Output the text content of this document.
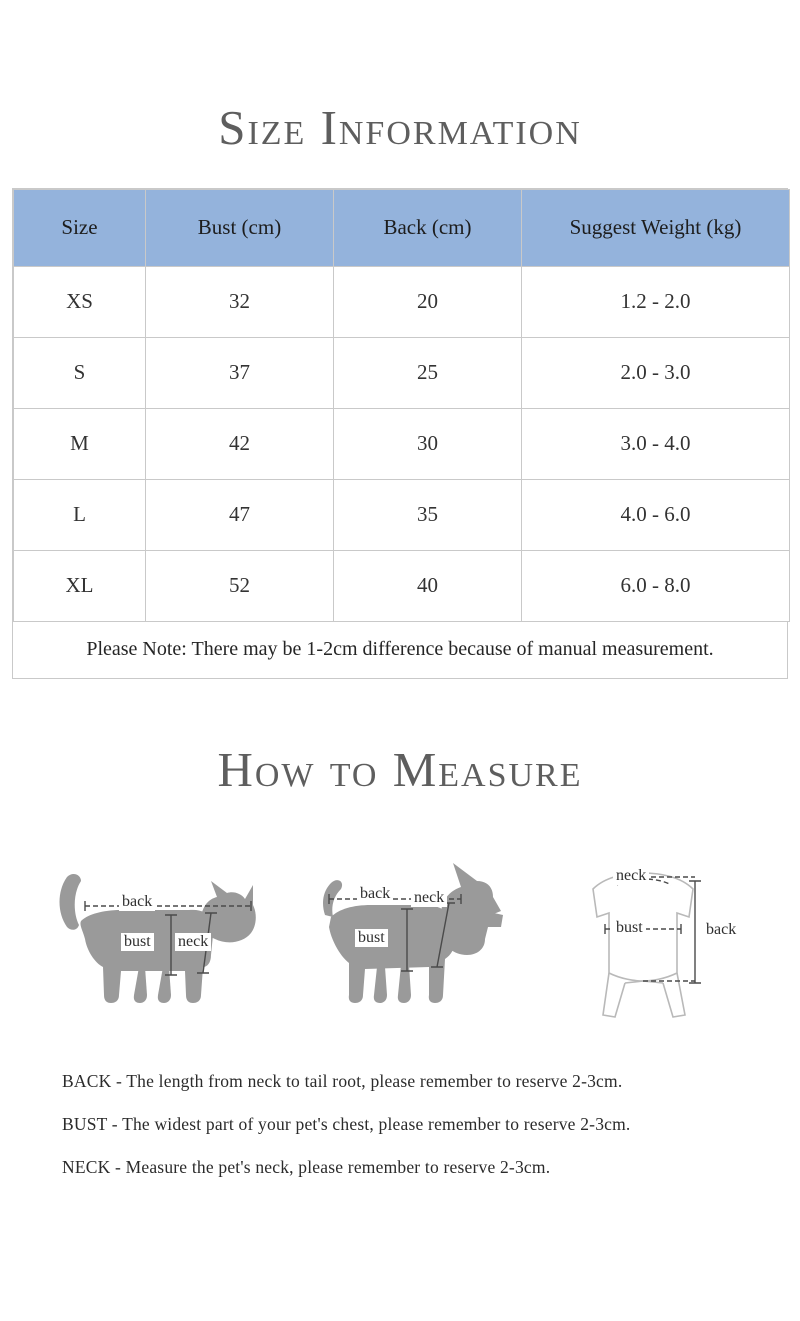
Size Information
Size	Bust (cm)	Back (cm)	Suggest Weight (kg)
XS	32	20	1.2 - 2.0
S	37	25	2.0 - 3.0
M	42	30	3.0 - 4.0
L	47	35	4.0 - 6.0
XL	52	40	6.0 - 8.0
Please Note: There may be 1-2cm difference because of manual measurement.
How to Measure
back
bust neck
back
bust
neck
neck
bust	back

BACK - The length from neck to tail root, please remember to reserve 2-3cm.

BUST - The widest part of your pet's chest, please remember to reserve 2-3cm.

NECK - Measure the pet's neck, please remember to reserve 2-3cm.
